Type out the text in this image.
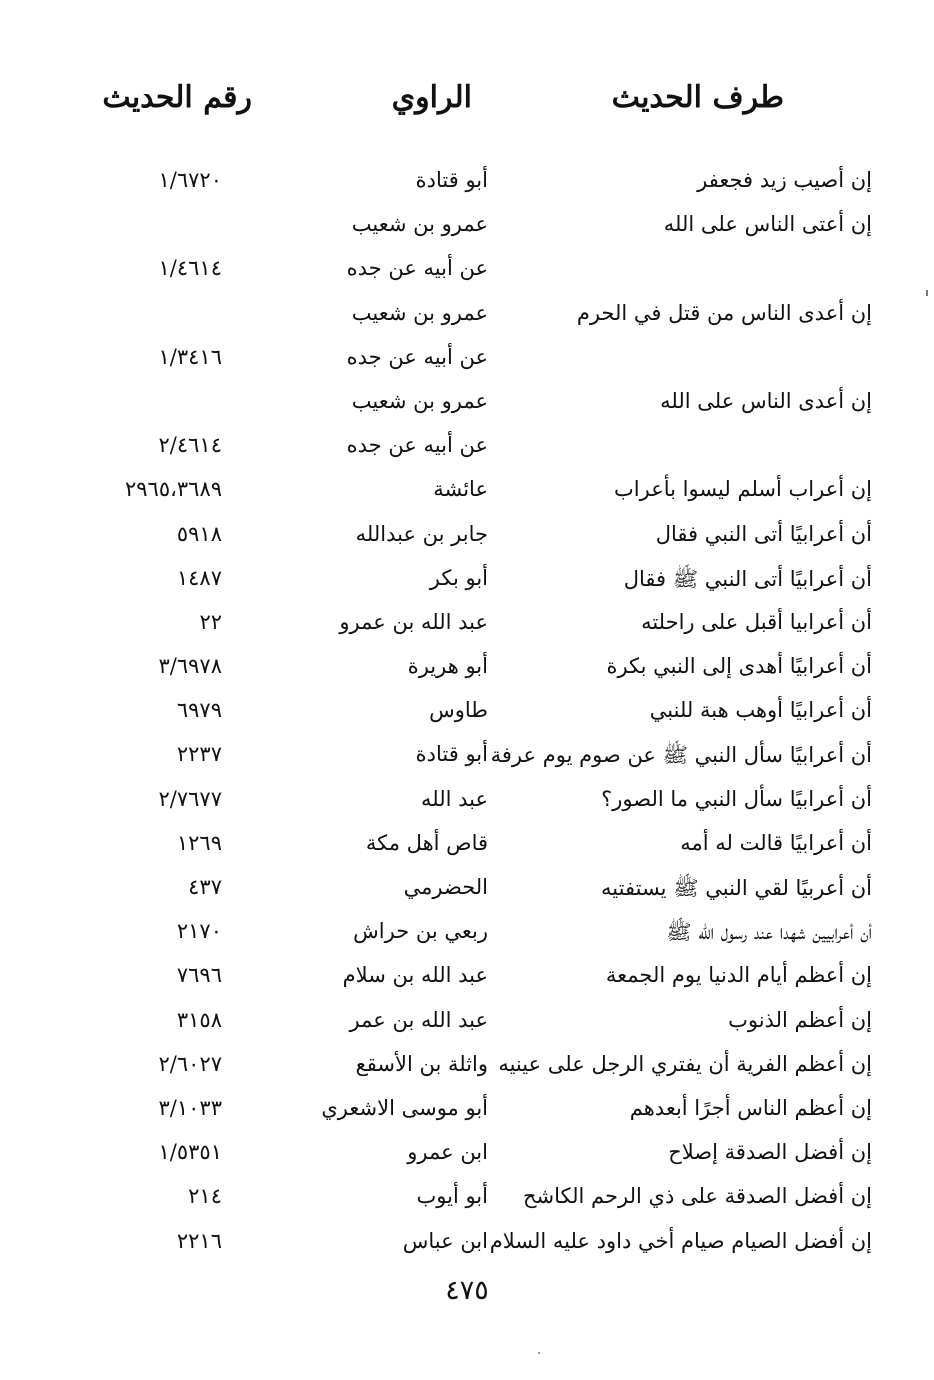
طرف الحديث
الراوي
رقم الحديث
إن أصيب زيد فجعفر
أبو قتادة
١/٦٧٢٠
إن أعتى الناس على الله
عمرو بن شعيب
عن أبيه عن جده
١/٤٦١٤
إن أعدى الناس من قتل في الحرم
عمرو بن شعيب
عن أبيه عن جده
١/٣٤١٦
إن أعدى الناس على الله
عمرو بن شعيب
عن أبيه عن جده
٢/٤٦١٤
إن أعراب أسلم ليسوا بأعراب
عائشة
٢٩٦٥،٣٦٨٩
أن أعرابيًا أتى النبي فقال
جابر بن عبدالله
٥٩١٨
أن أعرابيًا أتى النبي ﷺ فقال
أبو بكر
١٤٨٧
أن أعرابيا أقبل على راحلته
عبد الله بن عمرو
٢٢
أن أعرابيًا أهدى إلى النبي بكرة
أبو هريرة
٣/٦٩٧٨
أن أعرابيًا أوهب هبة للنبي
طاوس
٦٩٧٩
أن أعرابيًا سأل النبي ﷺ عن صوم يوم عرفة
أبو قتادة
٢٢٣٧
أن أعرابيًا سأل النبي ما الصور؟
عبد الله
٢/٧٦٧٧
أن أعرابيًا قالت له أمه
قاص أهل مكة
١٢٦٩
أن أعربيًا لقي النبي ﷺ يستفتيه
الحضرمي
٤٣٧
أن أعرابيين شهدا عند رسول الله ﷺ
ربعي بن حراش
٢١٧٠
إن أعظم أيام الدنيا يوم الجمعة
عبد الله بن سلام
٧٦٩٦
إن أعظم الذنوب
عبد الله بن عمر
٣١٥٨
إن أعظم الفرية أن يفتري الرجل على عينيه
واثلة بن الأسقع
٢/٦٠٢٧
إن أعظم الناس أجرًا أبعدهم
أبو موسى الاشعري
٣/١٠٣٣
إن أفضل الصدقة إصلاح
ابن عمرو
١/٥٣٥١
إن أفضل الصدقة على ذي الرحم الكاشح
أبو أيوب
٢١٤
إن أفضل الصيام صيام أخي داود عليه السلام
ابن عباس
٢٢١٦
٤٧٥
